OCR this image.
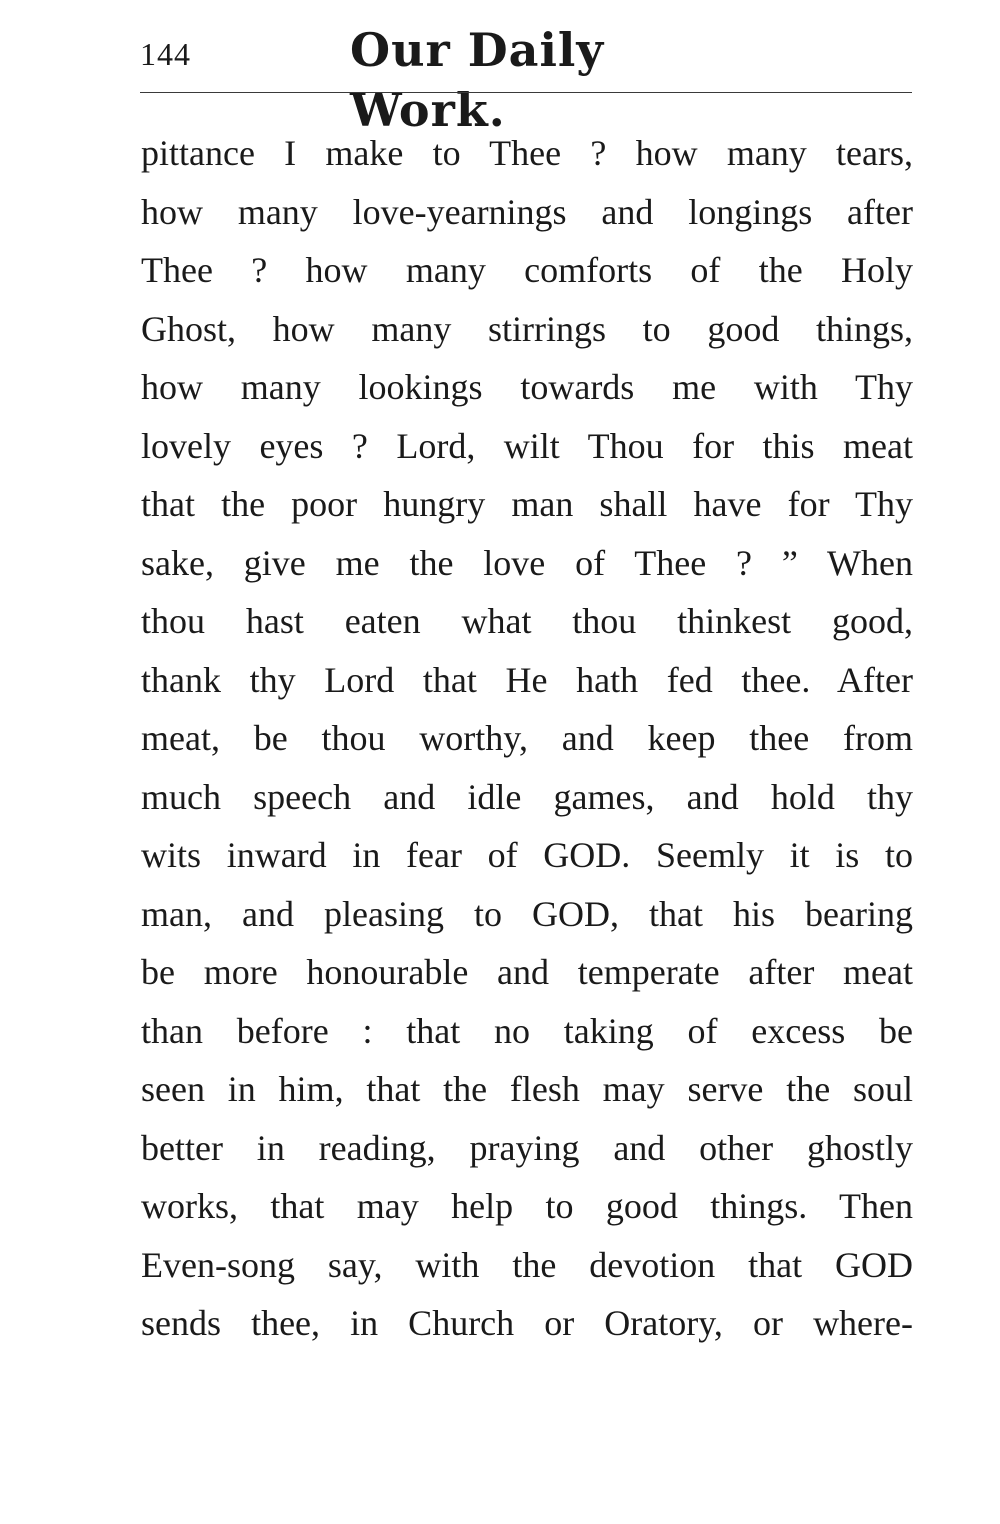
144	Our Daily Work.
pittance I make to Thee ? how many tears,
how many love-yearnings and longings after
Thee ? how many comforts of the Holy
Ghost, how many stirrings to good things,
how many lookings towards me with Thy
lovely eyes ? Lord, wilt Thou for this meat
that the poor hungry man shall have for Thy
sake, give me the love of Thee ? ” When
thou hast eaten what thou thinkest good,
thank thy Lord that He hath fed thee. After
meat, be thou worthy, and keep thee from
much speech and idle games, and hold thy
wits inward in fear of GOD. Seemly it is to
man, and pleasing to GOD, that his bearing
be more honourable and temperate after meat
than before : that no taking of excess be
seen in him, that the flesh may serve the soul
better in reading, praying and other ghostly
works, that may help to good things. Then
Even-song say, with the devotion that GOD
sends thee, in Church or Oratory, or where-
